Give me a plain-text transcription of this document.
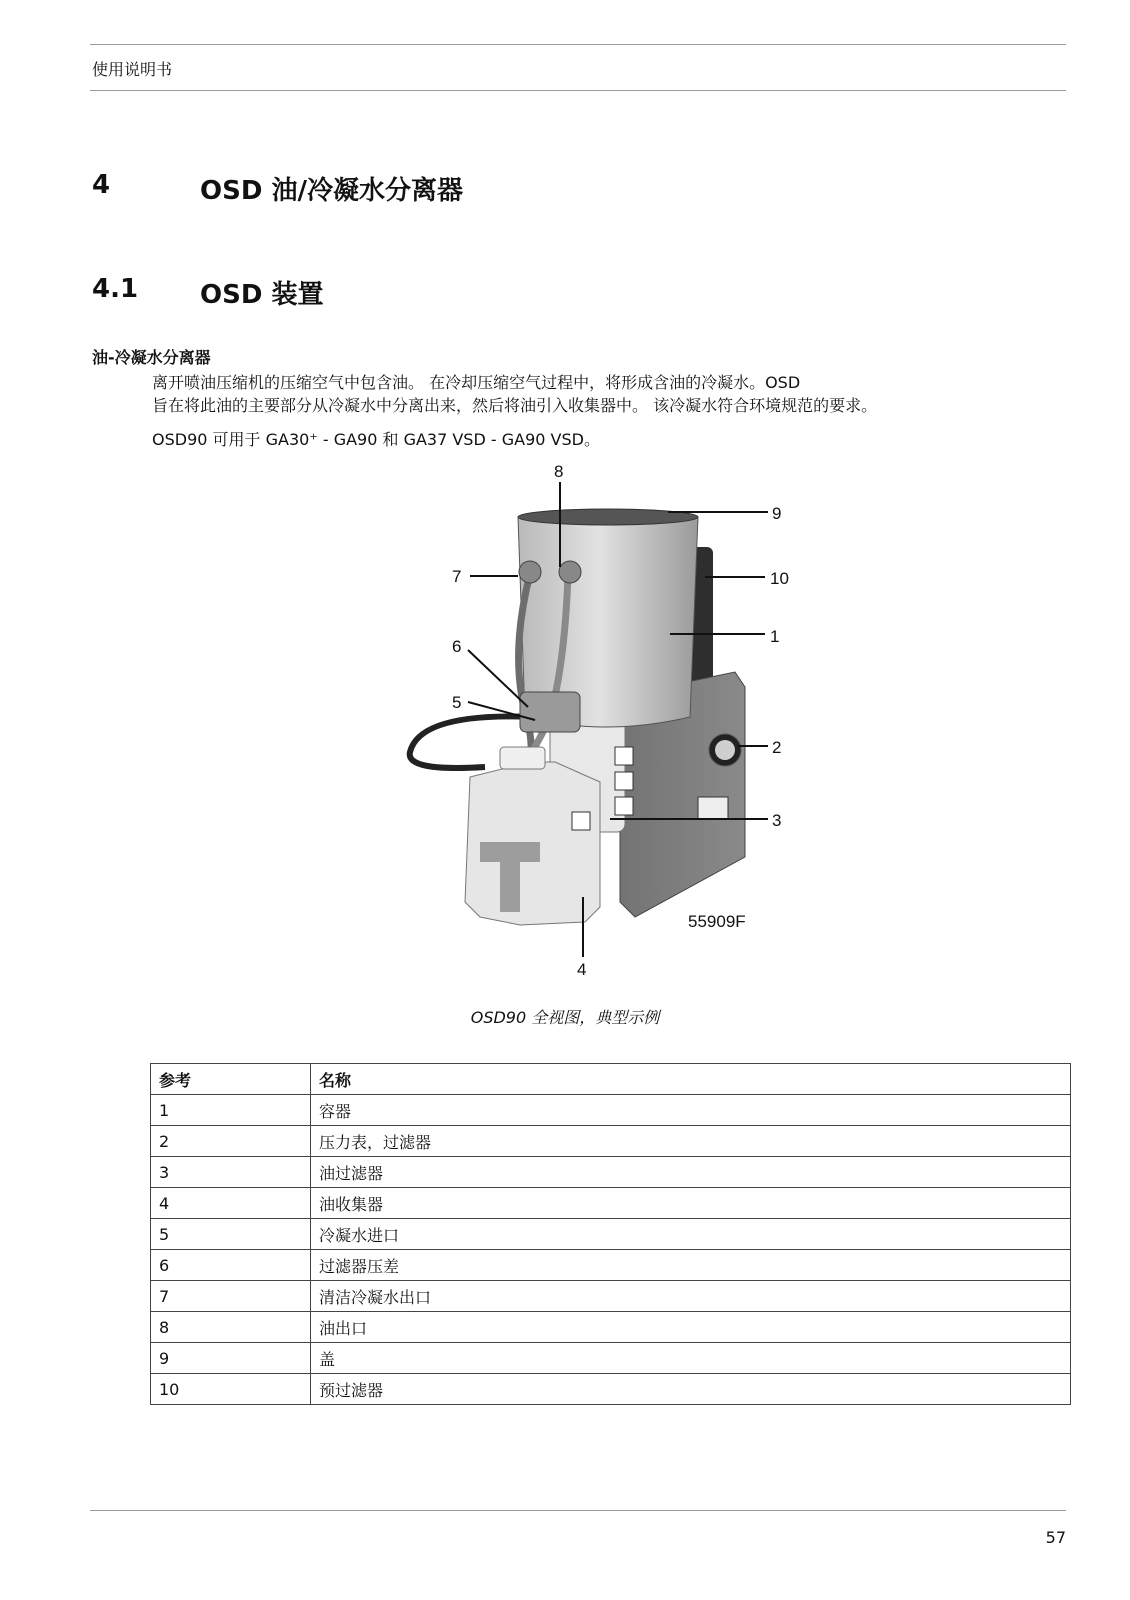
使用说明书
4	OSD 油/冷凝水分离器
4.1 OSD 装置
油-冷凝水分离器
离开喷油压缩机的压缩空气中包含油。 在冷却压缩空气过程中，将形成含油的冷凝水。OSD
旨在将此油的主要部分从冷凝水中分离出来，然后将油引入收集器中。 该冷凝水符合环境规范的要求。
OSD90 可用于 GA30⁺ - GA90 和 GA37 VSD - GA90 VSD。
8
9
7	10
1
6
5
2
3
4
55909F
OSD90 全视图，典型示例
参考	名称
1	容器
2	压力表，过滤器
3	油过滤器
4	油收集器
5	冷凝水进口
6	过滤器压差
7	清洁冷凝水出口
8	油出口
9	盖
10	预过滤器
57
